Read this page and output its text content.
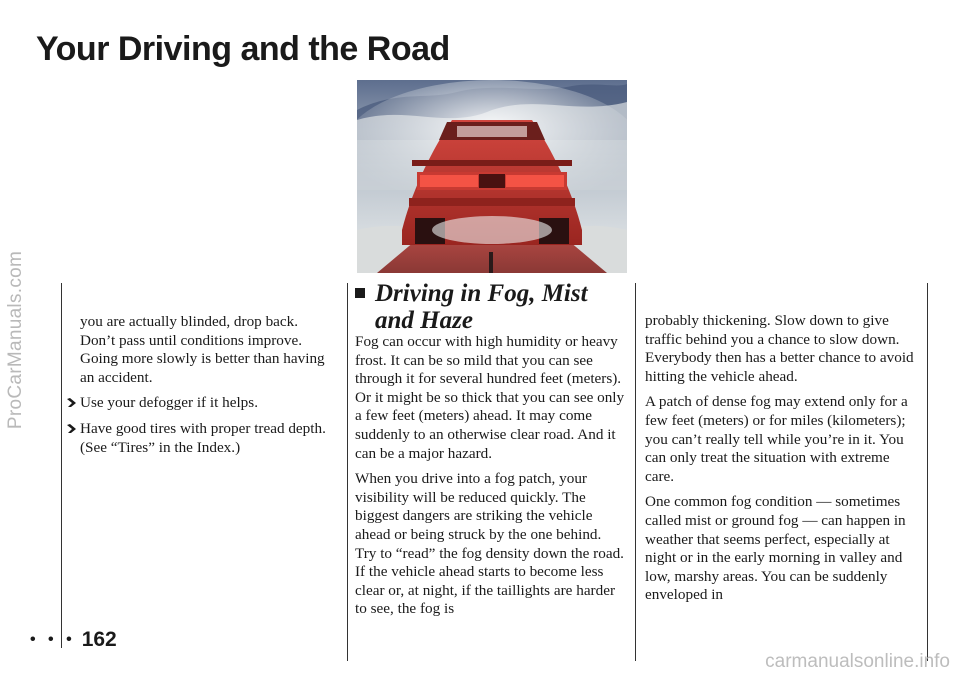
ProCarManuals.com
Your Driving and the Road

you are actually blinded, drop back. Don’t pass until conditions improve. Going more slowly is better than having an accident.

Use your defogger if it helps.

Have good tires with proper tread depth. (See “Tires” in the Index.)

Driving in Fog, Mist
and Haze

Fog can occur with high humidity or heavy frost. It can be so mild that you can see through it for several hundred feet (meters). Or it might be so thick that you can see only a few feet (meters) ahead. It may come suddenly to an otherwise clear road. And it can be a major hazard.

When you drive into a fog patch, your visibility will be reduced quickly. The biggest dangers are striking the vehicle ahead or being struck by the one behind. Try to “read” the fog density down the road. If the vehicle ahead starts to become less clear or, at night, if the taillights are harder to see, the fog is

probably thickening. Slow down to give traffic behind you a chance to slow down. Everybody then has a better chance to avoid hitting the vehicle ahead.

A patch of dense fog may extend only for a few feet (meters) or for miles (kilometers); you can’t really tell while you’re in it. You can only treat the situation with extreme care.

One common fog condition — sometimes called mist or ground fog — can happen in weather that seems perfect, especially at night or in the early morning in valley and low, marshy areas. You can be suddenly enveloped in

• • • 162
carmanualsonline.info
